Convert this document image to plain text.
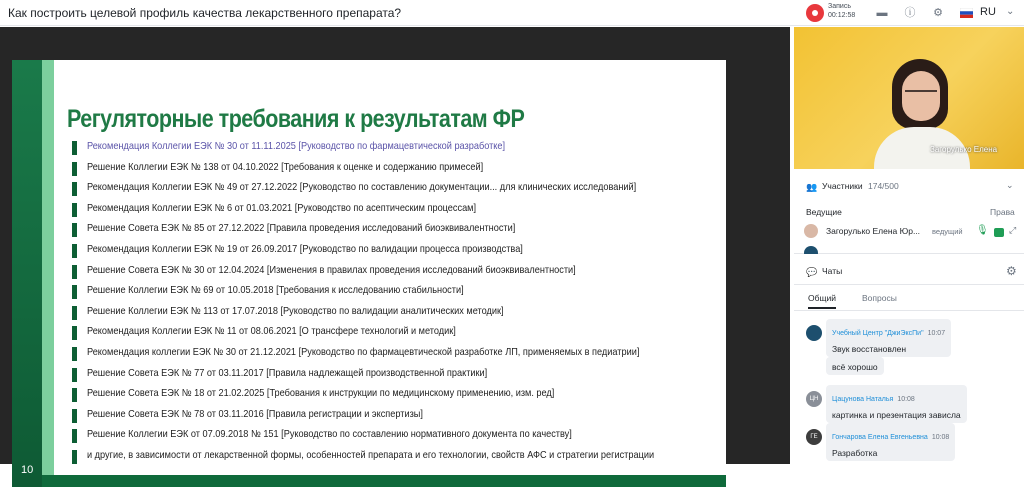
Как построить целевой профиль качества лекарственного препарата?	Запись
00:12:58 ▬ ⓘ ⚙	RU ⌄
10
Регуляторные требования к результатам ФР
Рекомендация Коллегии ЕЭК № 30 от 11.11.2025 [Руководство по фармацевтической разработке]
Решение Коллегии ЕЭК № 138 от 04.10.2022 [Требования к оценке и содержанию примесей]
Рекомендация Коллегии ЕЭК № 49 от 27.12.2022 [Руководство по составлению документации... для клинических исследований]
Рекомендация Коллегии ЕЭК № 6 от 01.03.2021 [Руководство по асептическим процессам]
Решение Совета ЕЭК № 85 от 27.12.2022 [Правила проведения исследований биоэквивалентности]
Рекомендация Коллегии ЕЭК № 19 от 26.09.2017 [Руководство по валидации процесса производства]
Решение Совета ЕЭК № 30 от 12.04.2024 [Изменения в правилах проведения исследований биоэквивалентности]
Решение Коллегии ЕЭК № 69 от 10.05.2018 [Требования к исследованию стабильности]
Решение Коллегии ЕЭК № 113 от 17.07.2018 [Руководство по валидации аналитических методик]
Рекомендация Коллегии ЕЭК № 11 от 08.06.2021 [О трансфере технологий и методик]
Рекомендация коллегии ЕЭК № 30 от 21.12.2021 [Руководство по фармацевтической разработке ЛП, применяемых в педиатрии]
Решение Совета ЕЭК № 77 от 03.11.2017 [Правила надлежащей производственной практики]
Решение Совета ЕЭК № 18 от 21.02.2025 [Требования к инструкции по медицинскому применению, изм. ред]
Решение Совета ЕЭК № 78 от 03.11.2016 [Правила регистрации и экспертизы]
Решение Коллегии ЕЭК от 07.09.2018 № 151 [Руководство по составлению нормативного документа по качеству]
и другие, в зависимости от лекарственной формы, особенностей препарата и его технологии, свойств АФС и стратегии регистрации
Загорулько Елена
👥 Участники 174/500	⌄
Ведущие	Права
Загорулько Елена Юр... ведущий 🎙 ⤢
💬 Чаты	⚙
Общий	Вопросы
Учебный Центр "ДжиЭксПи" 10:07
Звук восстановлен
всё хорошо
ЦН	Цацунова Наталья 10:08
картинка и презентация зависла
ГЕ	Гончарова Елена Евгеньевна 10:08
Разработка
